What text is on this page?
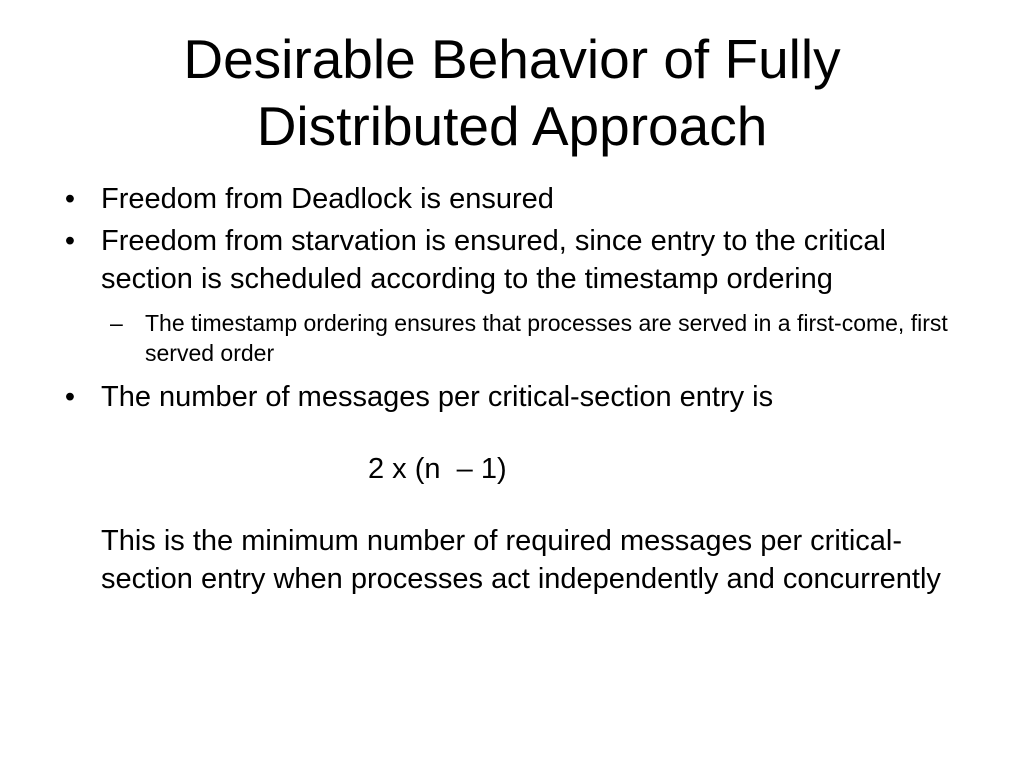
Desirable Behavior of Fully
Distributed Approach
• Freedom from Deadlock is ensured
• Freedom from starvation is ensured, since entry to the critical section is scheduled according to the timestamp ordering
– The timestamp ordering ensures that processes are served in a first-come, first served order
• The number of messages per critical-section entry is
2 x (n  – 1)
This is the minimum number of required messages per critical-section entry when processes act independently and concurrently
